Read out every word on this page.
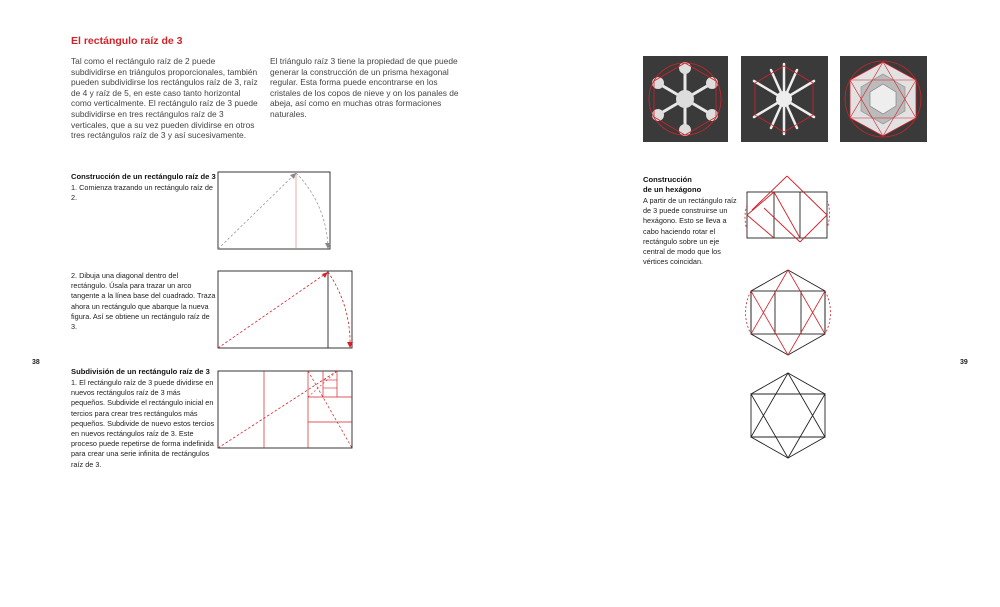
El rectángulo raíz de 3
Tal como el rectángulo raíz de 2 puede subdividirse en triángulos proporcionales, también pueden subdividirse los rectángulos raíz de 3, raíz de 4 y raíz de 5, en este caso tanto horizontal como verticalmente. El rectángulo raíz de 3 puede subdividirse en tres rectángulos raíz de 3 verticales, que a su vez pueden dividirse en otros tres rectángulos raíz de 3 y así sucesivamente.
El triángulo raíz 3 tiene la propiedad de que puede generar la construcción de un prisma hexagonal regular. Esta forma puede encontrarse en los cristales de los copos de nieve y on los panales de abeja, así como en muchas otras formaciones naturales.
Construcción de un rectángulo raíz de 3

1. Comienza trazando un rectángulo raíz de 2.

2. Dibuja una diagonal dentro del rectángulo. Úsala para trazar un arco tangente a la línea base del cuadrado. Traza ahora un rectángulo que abarque la nueva figura. Así se obtiene un rectángulo raíz de 3.
Subdivisión de un rectángulo raíz de 3

1. El rectángulo raíz de 3 puede dividirse en nuevos rectángulos raíz de 3 más pequeños. Subdivide el rectángulo inicial en tercios para crear tres rectángulos más pequeños. Subdivide de nuevo estos tercios en nuevos rectángulos raíz de 3. Este proceso puede repetirse de forma indefinida para crear una serie infinita de rectángulos raíz de 3.

38	39
Construcción
de un hexágono

A partir de un rectángulo raíz de 3 puede construirse un hexágono. Esto se lleva a cabo haciendo rotar el rectángulo sobre un eje central de modo que los vértices coincidan.
